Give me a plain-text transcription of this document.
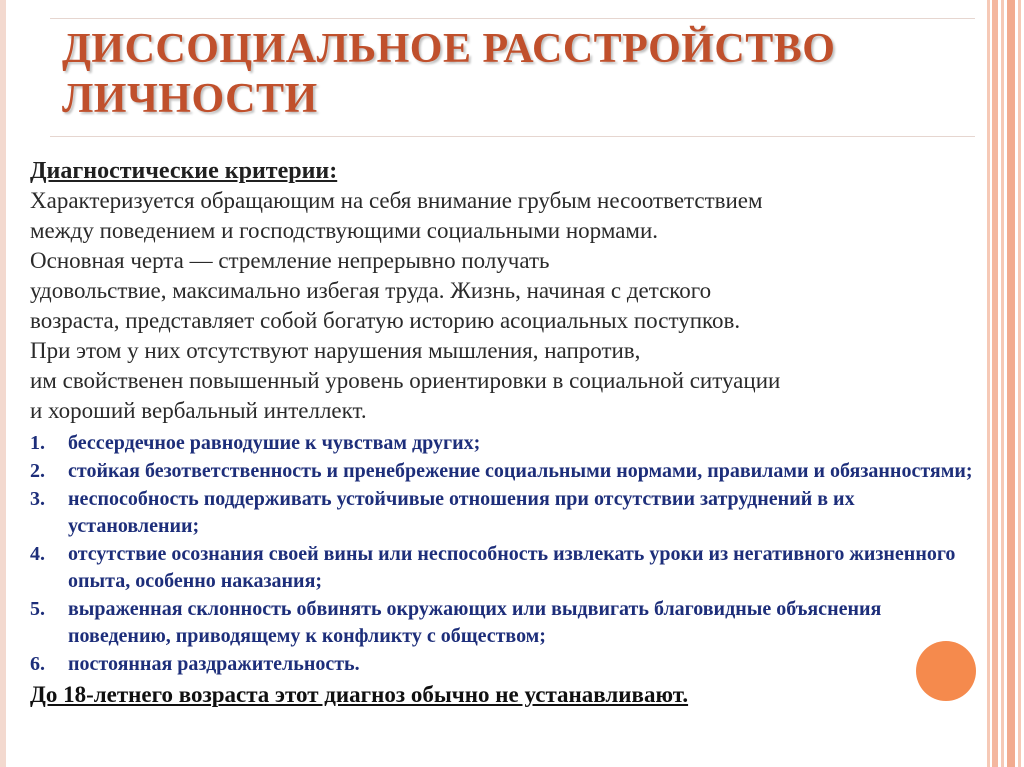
ДИССОЦИАЛЬНОЕ РАССТРОЙСТВО ЛИЧНОСТИ

Диагностические критерии:

Характеризуется обращающим на себя внимание грубым несоответствием

между поведением и господствующими социальными нормами.

Основная черта — стремление непрерывно получать

удовольствие, максимально избегая труда. Жизнь, начиная с детского

возраста, представляет собой богатую историю асоциальных поступков.

При этом у них отсутствуют нарушения мышления, напротив,

им свойственен повышенный уровень ориентировки в социальной ситуации

и хороший вербальный интеллект.

1. бессердечное равнодушие к чувствам других;
2. стойкая безответственность и пренебрежение социальными нормами, правилами и обязанностями;
3. неспособность поддерживать устойчивые отношения при отсутствии затруднений в их установлении;
4. отсутствие осознания своей вины или неспособность извлекать уроки из негативного жизненного опыта, особенно наказания;
5. выраженная склонность обвинять окружающих или выдвигать благовидные объяснения поведению, приводящему к конфликту с обществом;
6. постоянная раздражительность.

До 18-летнего возраста этот диагноз обычно не устанавливают.
